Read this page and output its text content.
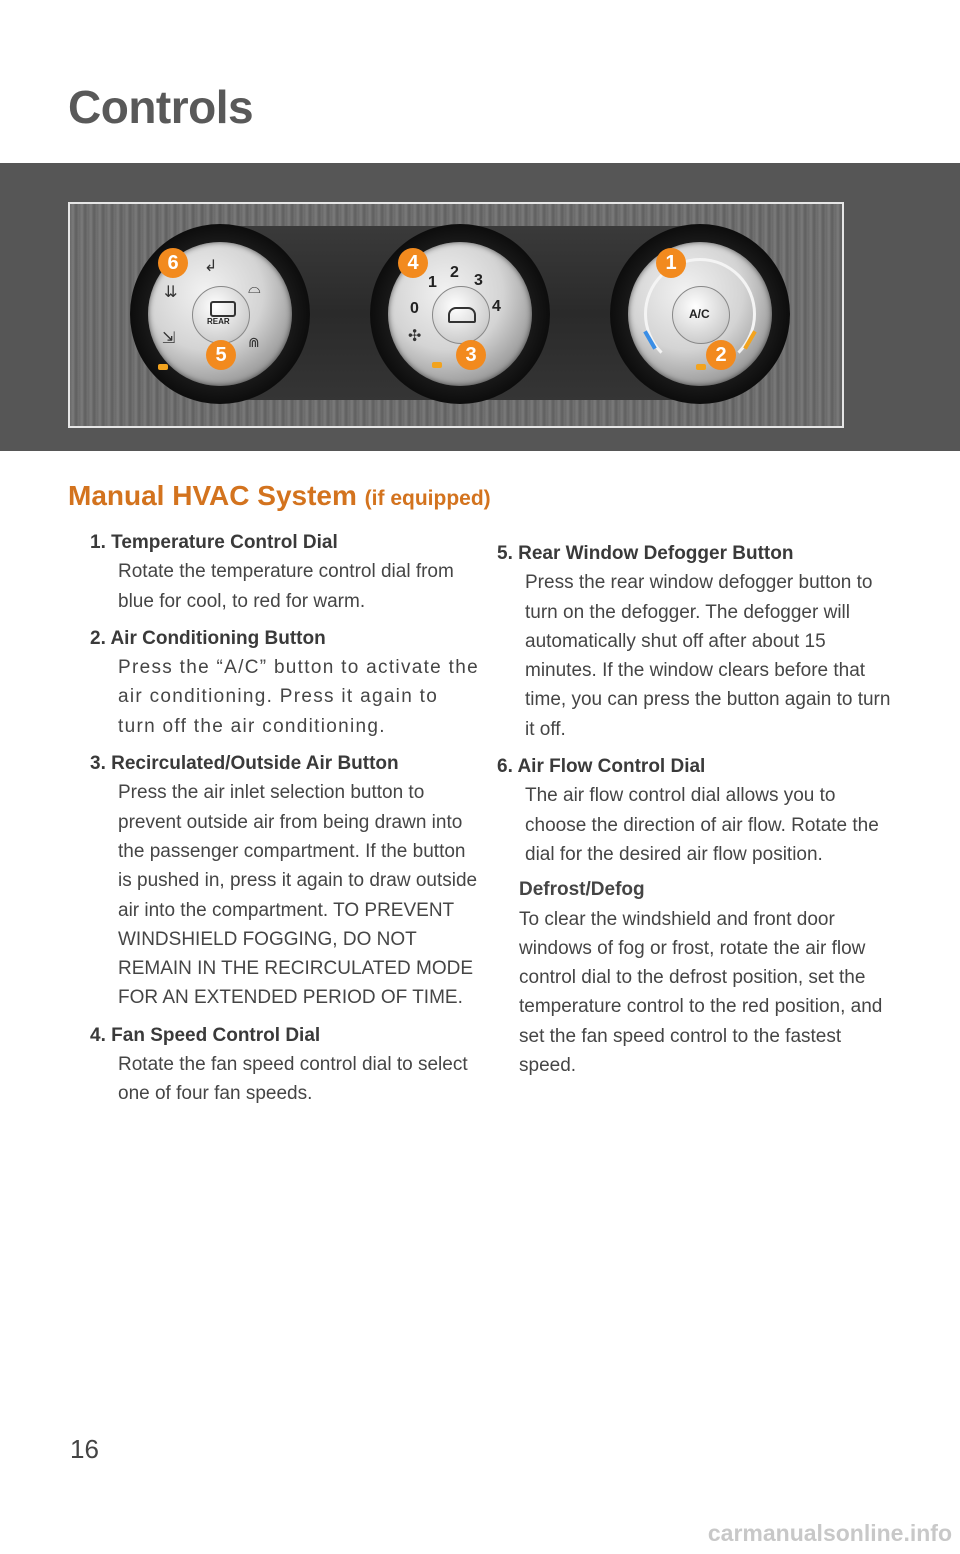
Controls
REAR
↲
⇊
⇲
⌓
⋒
0
1
2 3
4
✣
A/C
6
5
4
3
1
2
Manual HVAC System (if equipped)
1. Temperature Control Dial
Rotate the temperature control dial from blue for cool, to red for warm.
2. Air Conditioning Button
Press the “A/C” button to activate the air conditioning. Press it again to turn off the air conditioning.
3. Recirculated/Outside Air Button
Press the air inlet selection button to prevent outside air from being drawn into the passenger compartment. If the button is pushed in, press it again to draw outside air into the compartment. TO PREVENT WINDSHIELD FOGGING, DO NOT REMAIN IN THE RECIRCULATED MODE FOR AN EXTENDED PERIOD OF TIME.
4. Fan Speed Control Dial
Rotate the fan speed control dial to select one of four fan speeds.
5. Rear Window Defogger Button
Press the rear window defogger button to turn on the defogger. The defogger will automatically shut off after about 15 minutes. If the window clears before that time, you can press the button again to turn it off.
6. Air Flow Control Dial
The air flow control dial allows you to choose the direction of air flow. Rotate the dial for the desired air flow position.
Defrost/Defog
To clear the windshield and front door windows of fog or frost, rotate the air flow control dial to the defrost position, set the temperature control to the red position, and set the fan speed control to the fastest speed.
16
carmanualsonline.info
